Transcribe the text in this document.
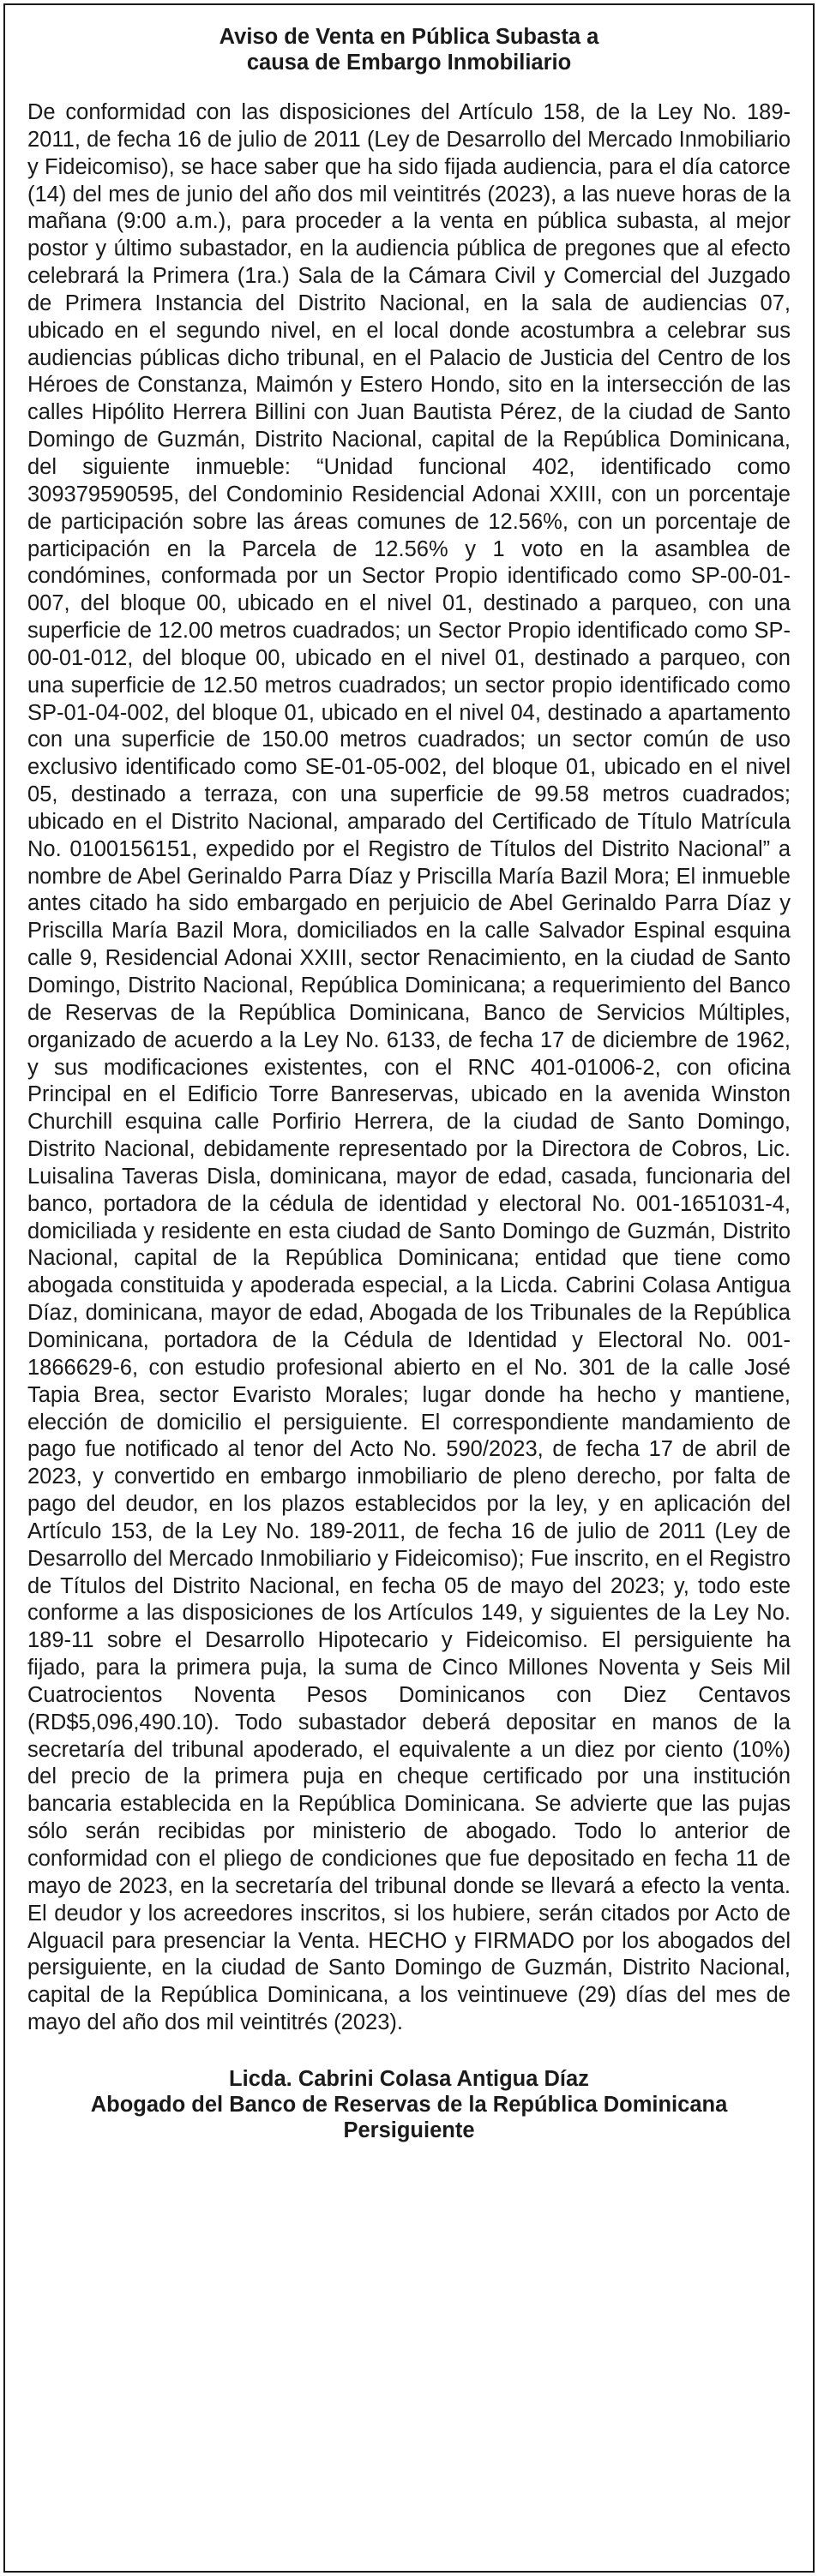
Aviso de Venta en Pública Subasta a
causa de Embargo Inmobiliario

De conformidad con las disposiciones del Artículo 158, de la Ley No. 189-2011, de fecha 16 de julio de 2011 (Ley de Desarrollo del Mercado Inmobiliario y Fideicomiso), se hace saber que ha sido fijada audiencia, para el día catorce (14) del mes de junio del año dos mil veintitrés (2023), a las nueve horas de la mañana (9:00 a.m.), para proceder a la venta en pública subasta, al mejor postor y último subastador, en la audiencia pública de pregones que al efecto celebrará la Primera (1ra.) Sala de la Cámara Civil y Comercial del Juzgado de Primera Instancia del Distrito Nacional, en la sala de audiencias 07, ubicado en el segundo nivel, en el local donde acostumbra a celebrar sus audiencias públicas dicho tribunal, en el Palacio de Justicia del Centro de los Héroes de Constanza, Maimón y Estero Hondo, sito en la intersección de las calles Hipólito Herrera Billini con Juan Bautista Pérez, de la ciudad de Santo Domingo de Guzmán, Distrito Nacional, capital de la República Dominicana, del siguiente inmueble: “Unidad funcional 402, identificado como 309379590595, del Condominio Residencial Adonai XXIII, con un porcentaje de participación sobre las áreas comunes de 12.56%, con un porcentaje de participación en la Parcela de 12.56% y 1 voto en la asamblea de condómines, conformada por un Sector Propio identificado como SP-00-01-007, del bloque 00, ubicado en el nivel 01, destinado a parqueo, con una superficie de 12.00 metros cuadrados; un Sector Propio identificado como SP-00-01-012, del bloque 00, ubicado en el nivel 01, destinado a parqueo, con una superficie de 12.50 metros cuadrados; un sector propio identificado como SP-01-04-002, del bloque 01, ubicado en el nivel 04, destinado a apartamento con una superficie de 150.00 metros cuadrados; un sector común de uso exclusivo identificado como SE-01-05-002, del bloque 01, ubicado en el nivel 05, destinado a terraza, con una superficie de 99.58 metros cuadrados; ubicado en el Distrito Nacional, amparado del Certificado de Título Matrícula No. 0100156151, expedido por el Registro de Títulos del Distrito Nacional” a nombre de Abel Gerinaldo Parra Díaz y Priscilla María Bazil Mora; El inmueble antes citado ha sido embargado en perjuicio de Abel Gerinaldo Parra Díaz y Priscilla María Bazil Mora, domiciliados en la calle Salvador Espinal esquina calle 9, Residencial Adonai XXIII, sector Renacimiento, en la ciudad de Santo Domingo, Distrito Nacional, República Dominicana; a requerimiento del Banco de Reservas de la República Dominicana, Banco de Servicios Múltiples, organizado de acuerdo a la Ley No. 6133, de fecha 17 de diciembre de 1962, y sus modificaciones existentes, con el RNC 401-01006-2, con oficina Principal en el Edificio Torre Banreservas, ubicado en la avenida Winston Churchill esquina calle Porfirio Herrera, de la ciudad de Santo Domingo, Distrito Nacional, debidamente representado por la Directora de Cobros, Lic. Luisalina Taveras Disla, dominicana, mayor de edad, casada, funcionaria del banco, portadora de la cédula de identidad y electoral No. 001-1651031-4, domiciliada y residente en esta ciudad de Santo Domingo de Guzmán, Distrito Nacional, capital de la República Dominicana; entidad que tiene como abogada constituida y apoderada especial, a la Licda. Cabrini Colasa Antigua Díaz, dominicana, mayor de edad, Abogada de los Tribunales de la República Dominicana, portadora de la Cédula de Identidad y Electoral No. 001-1866629-6, con estudio profesional abierto en el No. 301 de la calle José Tapia Brea, sector Evaristo Morales; lugar donde ha hecho y mantiene, elección de domicilio el persiguiente. El correspondiente mandamiento de pago fue notificado al tenor del Acto No. 590/2023, de fecha 17 de abril de 2023, y convertido en embargo inmobiliario de pleno derecho, por falta de pago del deudor, en los plazos establecidos por la ley, y en aplicación del Artículo 153, de la Ley No. 189-2011, de fecha 16 de julio de 2011 (Ley de Desarrollo del Mercado Inmobiliario y Fideicomiso); Fue inscrito, en el Registro de Títulos del Distrito Nacional, en fecha 05 de mayo del 2023; y, todo este conforme a las disposiciones de los Artículos 149, y siguientes de la Ley No. 189-11 sobre el Desarrollo Hipotecario y Fideicomiso. El persiguiente ha fijado, para la primera puja, la suma de Cinco Millones Noventa y Seis Mil Cuatrocientos Noventa Pesos Dominicanos con Diez Centavos (RD$5,096,490.10). Todo subastador deberá depositar en manos de la secretaría del tribunal apoderado, el equivalente a un diez por ciento (10%) del precio de la primera puja en cheque certificado por una institución bancaria establecida en la República Dominicana. Se advierte que las pujas sólo serán recibidas por ministerio de abogado. Todo lo anterior de conformidad con el pliego de condiciones que fue depositado en fecha 11 de mayo de 2023, en la secretaría del tribunal donde se llevará a efecto la venta. El deudor y los acreedores inscritos, si los hubiere, serán citados por Acto de Alguacil para presenciar la Venta. HECHO y FIRMADO por los abogados del persiguiente, en la ciudad de Santo Domingo de Guzmán, Distrito Nacional, capital de la República Dominicana, a los veintinueve (29) días del mes de mayo del año dos mil veintitrés (2023).

Licda. Cabrini Colasa Antigua Díaz
Abogado del Banco de Reservas de la República Dominicana
Persiguiente
